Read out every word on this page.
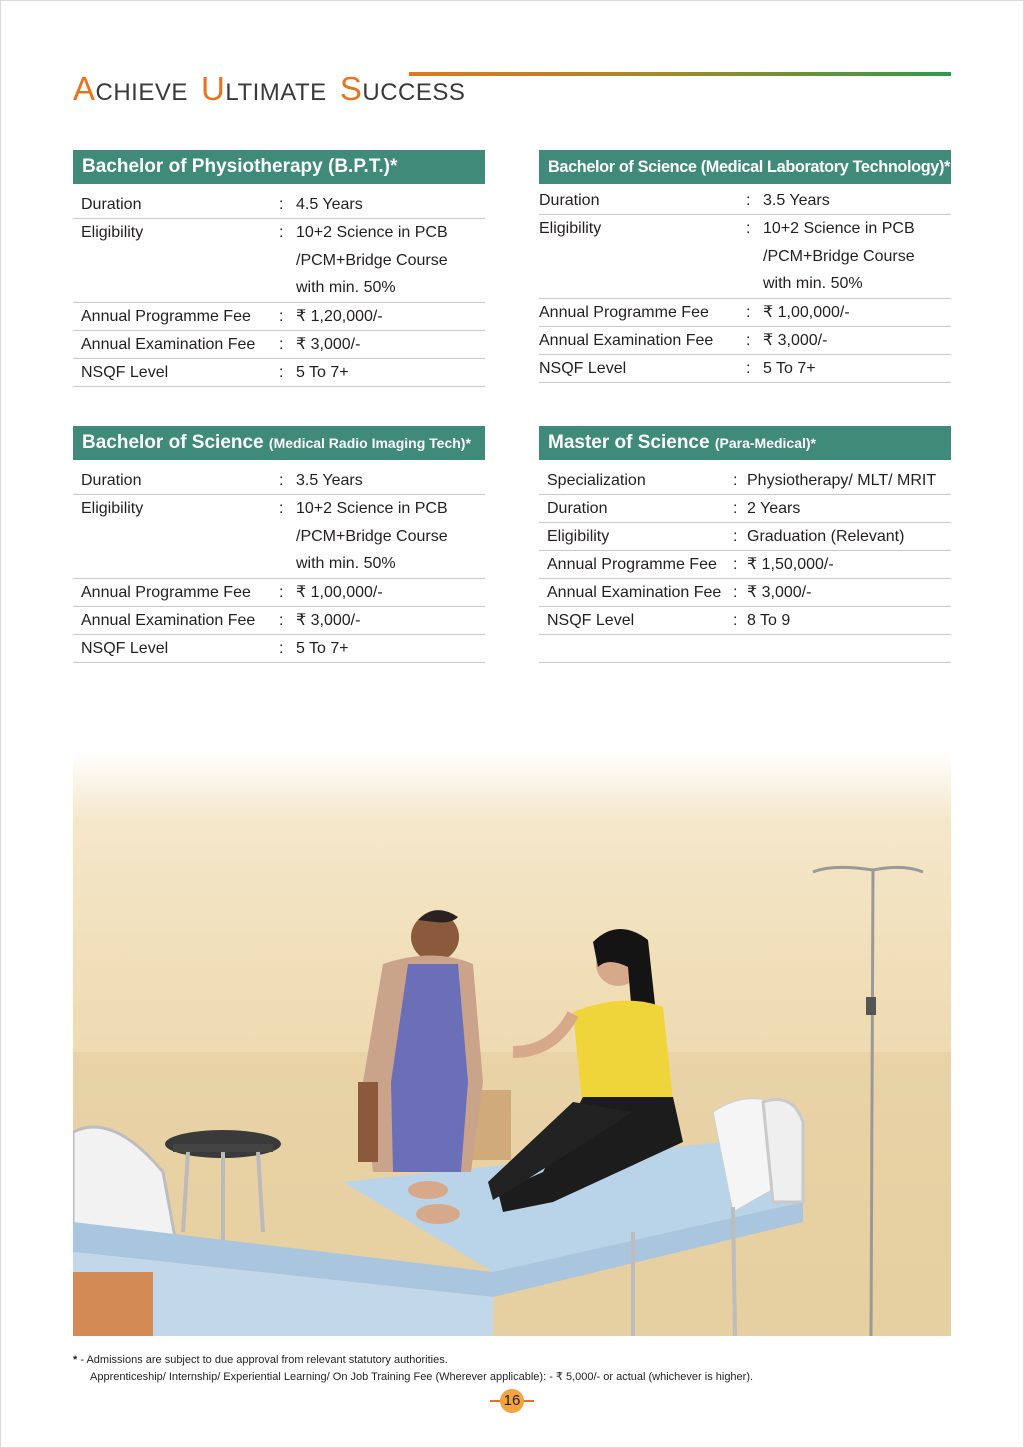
ACHIEVE ULTIMATE SUCCESS
Bachelor of Physiotherapy (B.P.T.)*
Duration	: 4.5 Years
Eligibility	: 10+2 Science in PCB
/PCM+Bridge Course
with min. 50%
Annual Programme Fee	: ₹ 1,20,000/-
Annual Examination Fee	: ₹ 3,000/-
NSQF Level	: 5 To 7+
Bachelor of Science (Medical Laboratory Technology)*
Duration	: 3.5 Years
Eligibility	: 10+2 Science in PCB
/PCM+Bridge Course
with min. 50%
Annual Programme Fee	: ₹ 1,00,000/-
Annual Examination Fee	: ₹ 3,000/-
NSQF Level	: 5 To 7+
Bachelor of Science (Medical Radio Imaging Tech)*
Duration	: 3.5 Years
Eligibility	: 10+2 Science in PCB
/PCM+Bridge Course
with min. 50%
Annual Programme Fee	: ₹ 1,00,000/-
Annual Examination Fee	: ₹ 3,000/-
NSQF Level	: 5 To 7+
Master of Science (Para-Medical)*
Specialization	: Physiotherapy/ MLT/ MRIT
Duration	: 2 Years
Eligibility	: Graduation (Relevant)
Annual Programme Fee	: ₹ 1,50,000/-
Annual Examination Fee : ₹ 3,000/-
NSQF Level	: 8 To 9
* - Admissions are subject to due approval from relevant statutory authorities.
Apprenticeship/ Internship/ Experiential Learning/ On Job Training Fee (Wherever applicable): - ₹ 5,000/- or actual (whichever is higher).
16
